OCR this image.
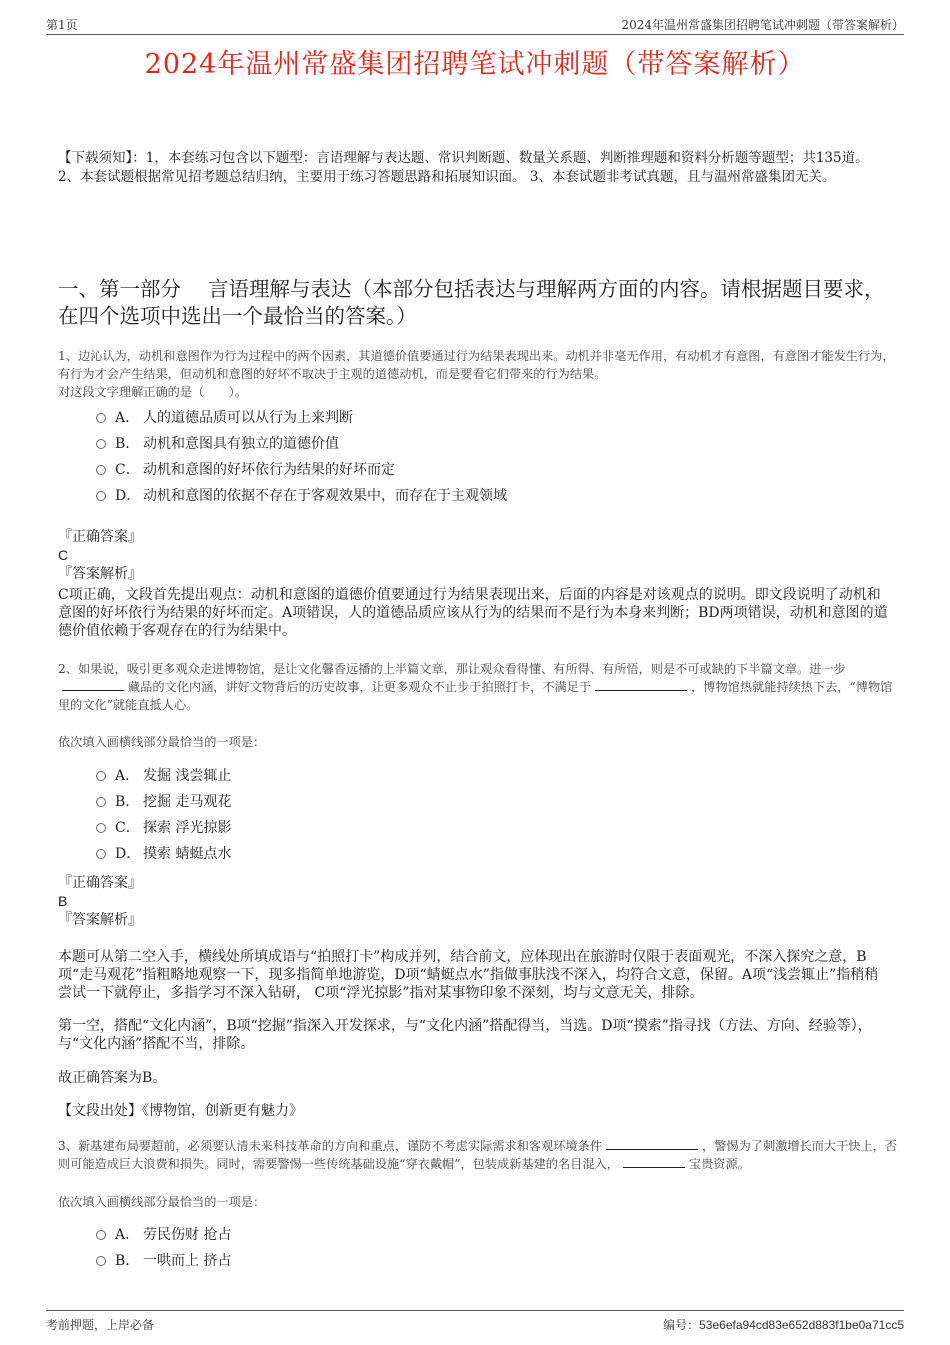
第1页	2024年温州常盛集团招聘笔试冲刺题（带答案解析）
2024年温州常盛集团招聘笔试冲刺题（带答案解析）
【下载须知】：1，本套练习包含以下题型：言语理解与表达题、常识判断题、数量关系题、判断推理题和资料分析题等题型；共135道。 2、本套试题根据常见招考题总结归纳，主要用于练习答题思路和拓展知识面。 3、本套试题非考试真题，且与温州常盛集团无关。
一、第一部分　 言语理解与表达（本部分包括表达与理解两方面的内容。请根据题目要求，在四个选项中选出一个最恰当的答案。）
1、边沁认为，动机和意图作为行为过程中的两个因素，其道德价值要通过行为结果表现出来。动机并非毫无作用，有动机才有意图，有意图才能发生行为，有行为才会产生结果，但动机和意图的好坏不取决于主观的道德动机，而是要看它们带来的行为结果。
对这段文字理解正确的是（　　）。
A． 人的道德品质可以从行为上来判断
B． 动机和意图具有独立的道德价值
C． 动机和意图的好坏依行为结果的好坏而定
D． 动机和意图的依据不存在于客观效果中，而存在于主观领域
『正确答案』
C
『答案解析』
C项正确，文段首先提出观点：动机和意图的道德价值要通过行为结果表现出来，后面的内容是对该观点的说明。即文段说明了动机和意图的好坏依行为结果的好坏而定。A项错误，人的道德品质应该从行为的结果而不是行为本身来判断；BD两项错误，动机和意图的道德价值依赖于客观存在的行为结果中。
2、如果说，吸引更多观众走进博物馆，是让文化馨香远播的上半篇文章，那让观众看得懂、有所得、有所悟，则是不可或缺的下半篇文章。进一步藏品的文化内涵，讲好文物背后的历史故事，让更多观众不止步于拍照打卡，不满足于	，博物馆热就能持续热下去，“博物馆里的文化”就能直抵人心。
依次填入画横线部分最恰当的一项是：
A． 发掘 浅尝辄止
B． 挖掘 走马观花
C． 探索 浮光掠影
D． 摸索 蜻蜓点水
『正确答案』
B
『答案解析』
本题可从第二空入手，横线处所填成语与“拍照打卡”构成并列，结合前文，应体现出在旅游时仅限于表面观光，不深入探究之意，B项“走马观花”指粗略地观察一下，现多指简单地游览，D项“蜻蜓点水”指做事肤浅不深入，均符合文意，保留。A项“浅尝辄止”指稍稍尝试一下就停止，多指学习不深入钻研， C项“浮光掠影”指对某事物印象不深刻，均与文意无关，排除。
第一空，搭配“文化内涵”，B项“挖掘”指深入开发探求，与“文化内涵”搭配得当，当选。D项“摸索”指寻找（方法、方向、经验等），与“文化内涵”搭配不当，排除。
故正确答案为B。
【文段出处】《博物馆，创新更有魅力》
3、新基建布局要超前，必须要认清未来科技革命的方向和重点，谨防不考虑实际需求和客观环境条件	，警惕为了刺激增长而大干快上，否则可能造成巨大浪费和损失。同时，需要警惕一些传统基础设施“穿衣戴帽”，包装成新基建的名目混入，	宝贵资源。
依次填入画横线部分最恰当的一项是：
A． 劳民伤财 抢占
B． 一哄而上 挤占
考前押题，上岸必备	编号：53e6efa94cd83e652d883f1be0a71cc5
